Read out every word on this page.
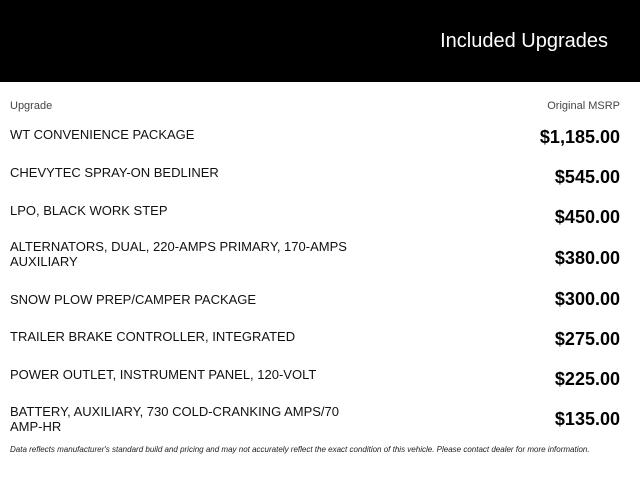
Included Upgrades
Upgrade	Original MSRP
WT CONVENIENCE PACKAGE	$1,185.00
CHEVYTEC SPRAY-ON BEDLINER	$545.00
LPO, BLACK WORK STEP	$450.00
ALTERNATORS, DUAL, 220-AMPS PRIMARY, 170-AMPS AUXILIARY	$380.00
SNOW PLOW PREP/CAMPER PACKAGE	$300.00
TRAILER BRAKE CONTROLLER, INTEGRATED	$275.00
POWER OUTLET, INSTRUMENT PANEL, 120-VOLT	$225.00
BATTERY, AUXILIARY, 730 COLD-CRANKING AMPS/70 AMP-HR	$135.00
Data reflects manufacturer's standard build and pricing and may not accurately reflect the exact condition of this vehicle. Please contact dealer for more information.
